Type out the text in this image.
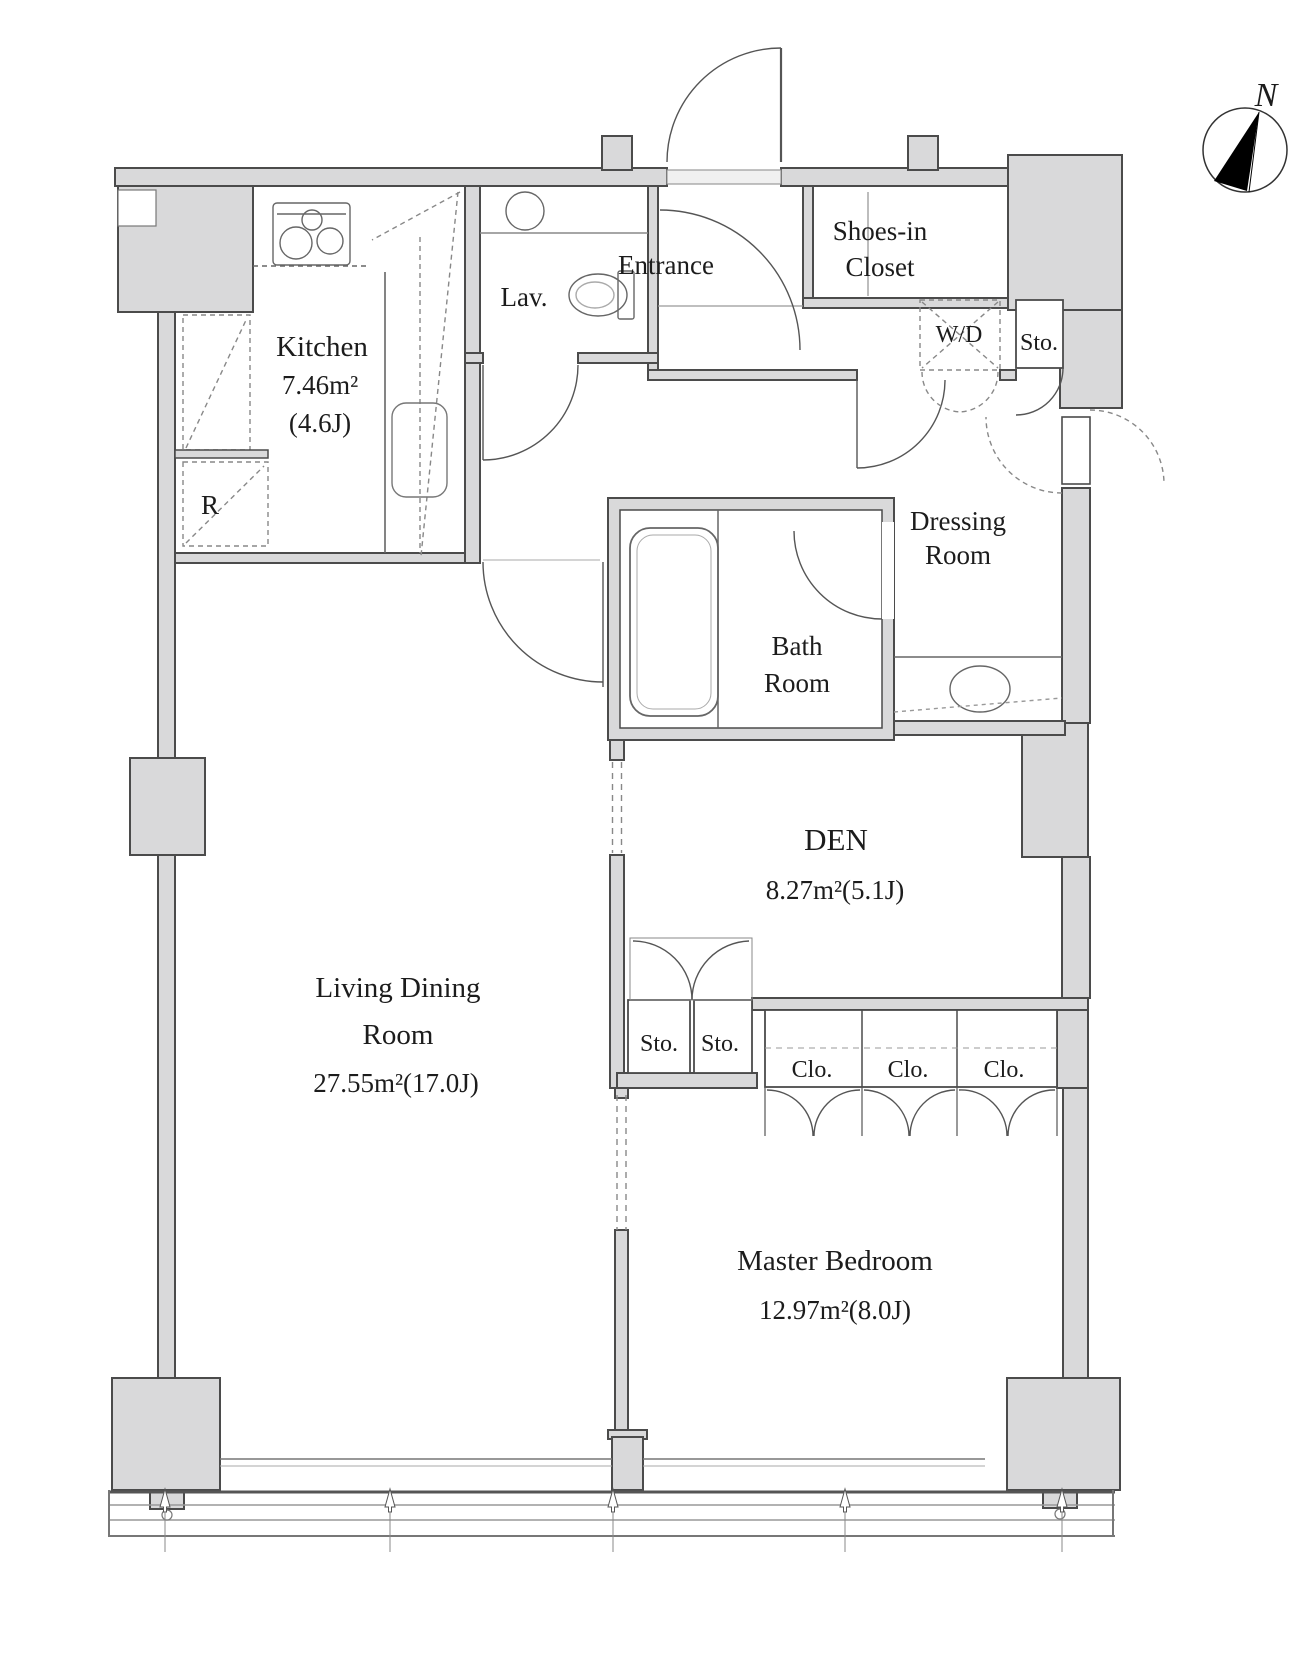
N
Kitchen
7.46m²
(4.6J)
Lav.
Entrance
Shoes-in
Closet
W/D Sto.
Dressing
Room
Bath
Room
DEN
8.27m²(5.1J)
Living Dining
Room
27.55m²(17.0J)
Sto. Sto.
Clo. Clo. Clo.
Master Bedroom
12.97m²(8.0J)
R
